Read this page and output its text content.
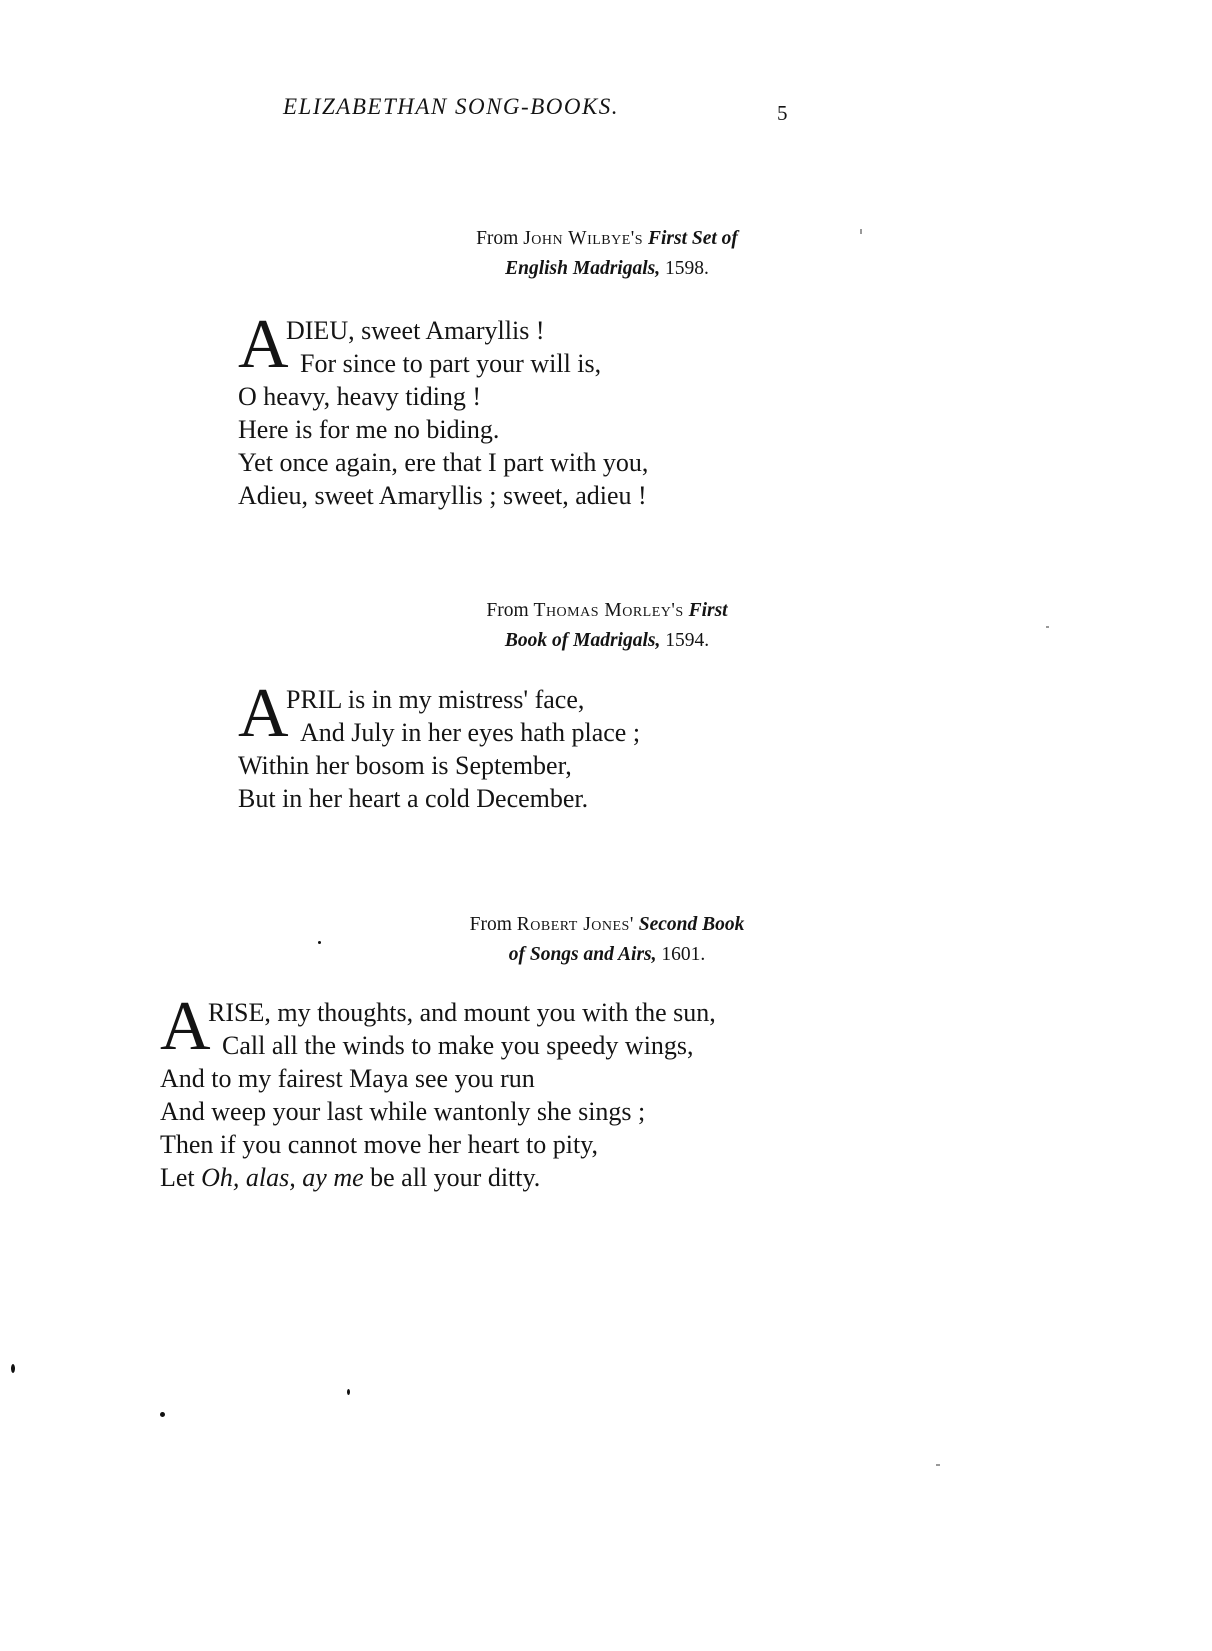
ELIZABETHAN SONG-BOOKS.	5
From John Wilbye's First Set of
English Madrigals, 1598.
A
DIEU, sweet Amaryllis !
For since to part your will is,
O heavy, heavy tiding !
Here is for me no biding.
Yet once again, ere that I part with you,
Adieu, sweet Amaryllis ; sweet, adieu !
From Thomas Morley's First
Book of Madrigals, 1594.
A
PRIL is in my mistress' face,
And July in her eyes hath place ;
Within her bosom is September,
But in her heart a cold December.
From Robert Jones' Second Book
of Songs and Airs, 1601.
A
RISE, my thoughts, and mount you with the sun,
Call all the winds to make you speedy wings,
And to my fairest Maya see you run
And weep your last while wantonly she sings ;
Then if you cannot move her heart to pity,
Let Oh, alas, ay me be all your ditty.
